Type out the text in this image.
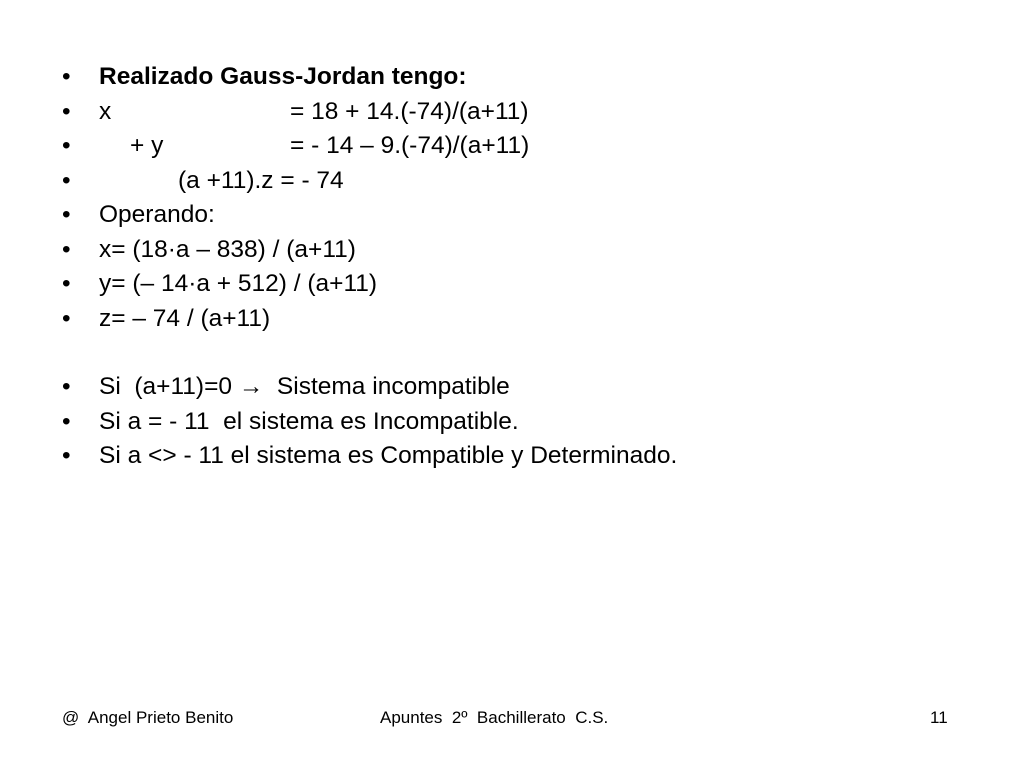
•

	Realizado Gauss-Jordan tengo:

•

	x

	= 18 + 14.(-74)/(a+11)

•

	+ y

	= - 14 – 9.(-74)/(a+11)

•

	(a +11).z = - 74

•

	Operando:

•

	x= (18·a – 838) / (a+11)

•

	y= (– 14·a + 512) / (a+11)

•

	z= – 74 / (a+11)

•

	Si  (a+11)=0 →  Sistema incompatible

•

	Si a = - 11  el sistema es Incompatible.

•

	Si a <> - 11 el sistema es Compatible y Determinado.

@  Angel Prieto Benito	Apuntes  2º  Bachillerato  C.S.	11
